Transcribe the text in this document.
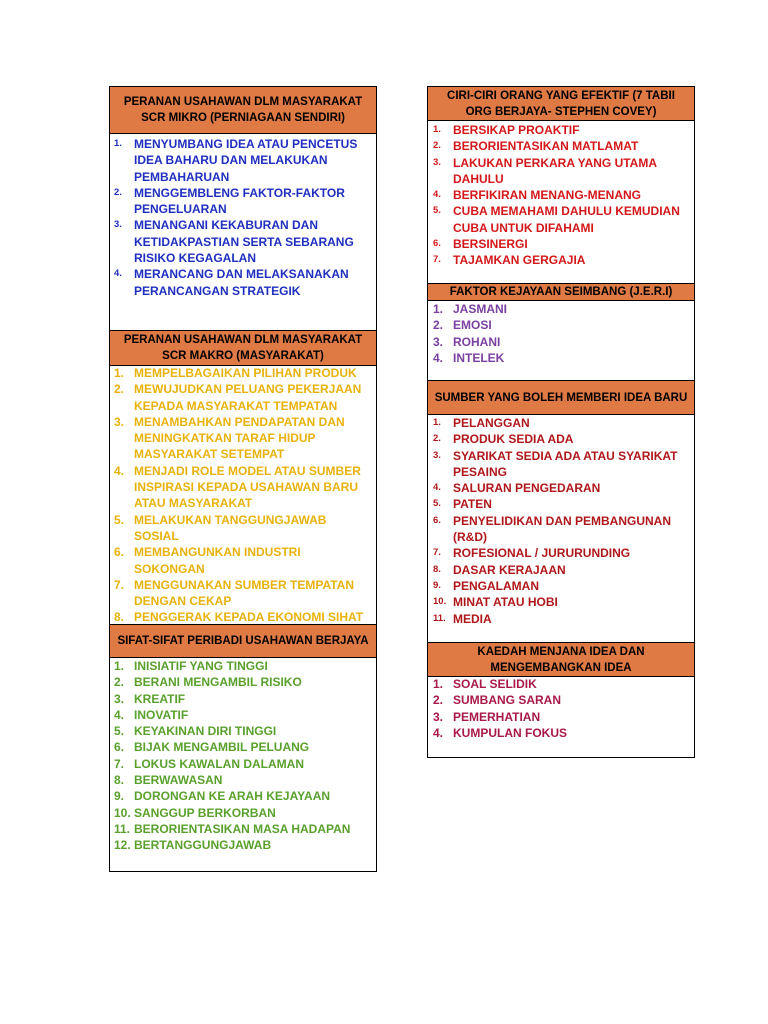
PERANAN USAHAWAN DLM MASYARAKAT SCR MIKRO (PERNIAGAAN SENDIRI)
1. MENYUMBANG IDEA ATAU PENCETUS IDEA BAHARU DAN MELAKUKAN PEMBAHARUAN
2. MENGGEMBLENG FAKTOR-FAKTOR PENGELUARAN
3. MENANGANI KEKABURAN DAN KETIDAKPASTIAN SERTA SEBARANG RISIKO KEGAGALAN
4. MERANCANG DAN MELAKSANAKAN PERANCANGAN STRATEGIK
PERANAN USAHAWAN DLM MASYARAKAT SCR MAKRO (MASYARAKAT)
1. MEMPELBAGAIKAN PILIHAN PRODUK
2. MEWUJUDKAN PELUANG PEKERJAAN KEPADA MASYARAKAT TEMPATAN
3. MENAMBAHKAN PENDAPATAN DAN MENINGKATKAN TARAF HIDUP MASYARAKAT SETEMPAT
4. MENJADI ROLE MODEL ATAU SUMBER INSPIRASI KEPADA USAHAWAN BARU ATAU MASYARAKAT
5. MELAKUKAN TANGGUNGJAWAB SOSIAL
6. MEMBANGUNKAN INDUSTRI SOKONGAN
7. MENGGUNAKAN SUMBER TEMPATAN DENGAN CEKAP
8. PENGGERAK KEPADA EKONOMI SIHAT
SIFAT-SIFAT PERIBADI USAHAWAN BERJAYA
1. INISIATIF YANG TINGGI
2. BERANI MENGAMBIL RISIKO
3. KREATIF
4. INOVATIF
5. KEYAKINAN DIRI TINGGI
6. BIJAK MENGAMBIL PELUANG
7. LOKUS KAWALAN DALAMAN
8. BERWAWASAN
9. DORONGAN KE ARAH KEJAYAAN
10. SANGGUP BERKORBAN
11. BERORIENTASIKAN MASA HADAPAN
12. BERTANGGUNGJAWAB
CIRI-CIRI ORANG YANG EFEKTIF (7 TABII ORG BERJAYA- STEPHEN COVEY)
1. BERSIKAP PROAKTIF
2. BERORIENTASIKAN MATLAMAT
3. LAKUKAN PERKARA YANG UTAMA DAHULU
4. BERFIKIRAN MENANG-MENANG
5. CUBA MEMAHAMI DAHULU KEMUDIAN CUBA UNTUK DIFAHAMI
6. BERSINERGI
7. TAJAMKAN GERGAJIA
FAKTOR KEJAYAAN SEIMBANG (J.E.R.I)
1. JASMANI
2. EMOSI
3. ROHANI
4. INTELEK
SUMBER YANG BOLEH MEMBERI IDEA BARU
1. PELANGGAN
2. PRODUK SEDIA ADA
3. SYARIKAT SEDIA ADA ATAU SYARIKAT PESAING
4. SALURAN PENGEDARAN
5. PATEN
6. PENYELIDIKAN DAN PEMBANGUNAN (R&D)
7. ROFESIONAL / JURURUNDING
8. DASAR KERAJAAN
9. PENGALAMAN
10. MINAT ATAU HOBI
11. MEDIA
KAEDAH MENJANA IDEA DAN MENGEMBANGKAN IDEA
1. SOAL SELIDIK
2. SUMBANG SARAN
3. PEMERHATIAN
4. KUMPULAN FOKUS
